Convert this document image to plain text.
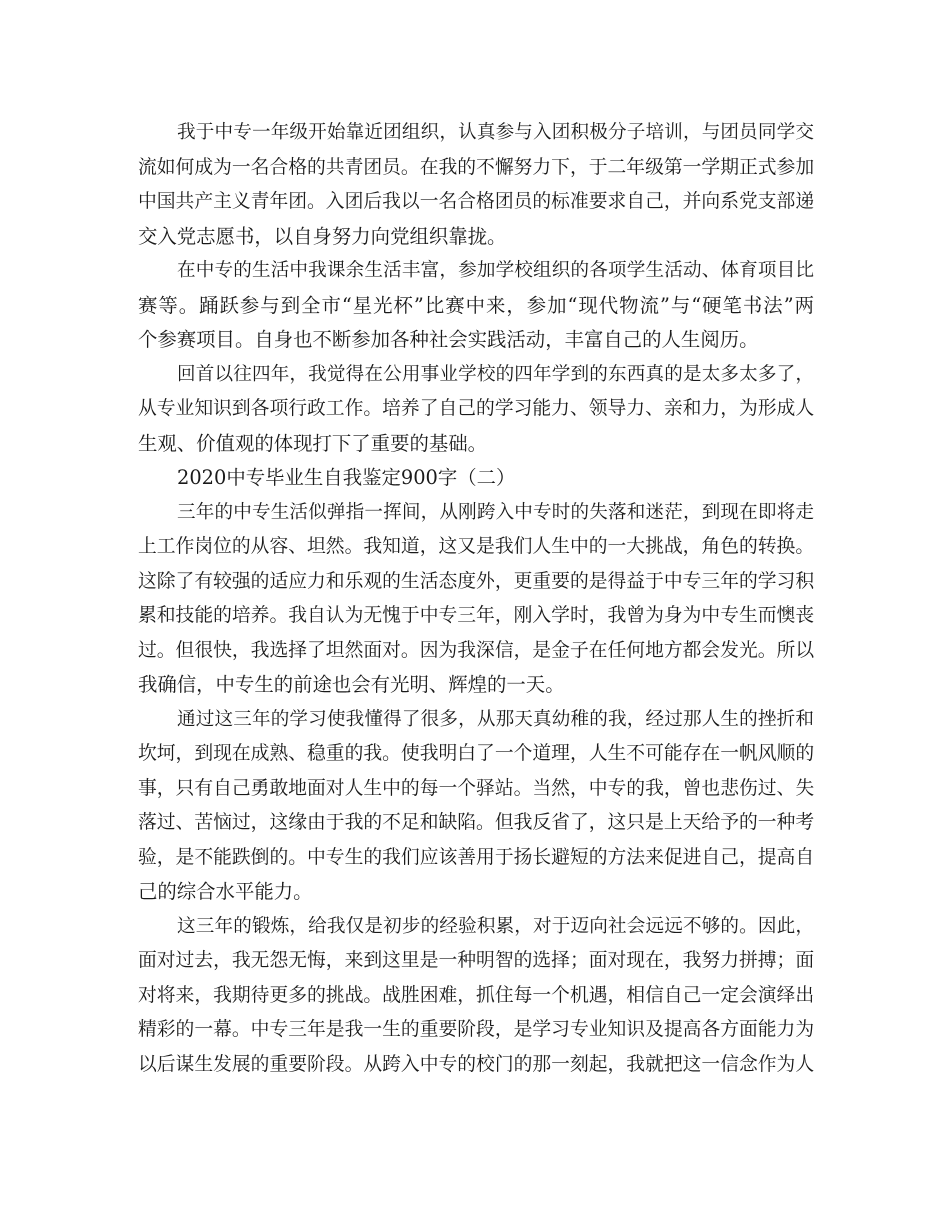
我于中专一年级开始靠近团组织，认真参与入团积极分子培训，与团员同学交
流如何成为一名合格的共青团员。在我的不懈努力下，于二年级第一学期正式参加
中国共产主义青年团。入团后我以一名合格团员的标准要求自己，并向系党支部递
交入党志愿书，以自身努力向党组织靠拢。
在中专的生活中我课余生活丰富，参加学校组织的各项学生活动、体育项目比
赛等。踊跃参与到全市“星光杯”比赛中来，参加“现代物流”与“硬笔书法”两
个参赛项目。自身也不断参加各种社会实践活动，丰富自己的人生阅历。
回首以往四年，我觉得在公用事业学校的四年学到的东西真的是太多太多了，
从专业知识到各项行政工作。培养了自己的学习能力、领导力、亲和力，为形成人
生观、价值观的体现打下了重要的基础。
2020中专毕业生自我鉴定900字（二）
三年的中专生活似弹指一挥间，从刚跨入中专时的失落和迷茫，到现在即将走
上工作岗位的从容、坦然。我知道，这又是我们人生中的一大挑战，角色的转换。
这除了有较强的适应力和乐观的生活态度外，更重要的是得益于中专三年的学习积
累和技能的培养。我自认为无愧于中专三年，刚入学时，我曾为身为中专生而懊丧
过。但很快，我选择了坦然面对。因为我深信，是金子在任何地方都会发光。所以
我确信，中专生的前途也会有光明、辉煌的一天。
通过这三年的学习使我懂得了很多，从那天真幼稚的我，经过那人生的挫折和
坎坷，到现在成熟、稳重的我。使我明白了一个道理，人生不可能存在一帆风顺的
事，只有自己勇敢地面对人生中的每一个驿站。当然，中专的我，曾也悲伤过、失
落过、苦恼过，这缘由于我的不足和缺陷。但我反省了，这只是上天给予的一种考
验，是不能跌倒的。中专生的我们应该善用于扬长避短的方法来促进自己，提高自
己的综合水平能力。
这三年的锻炼，给我仅是初步的经验积累，对于迈向社会远远不够的。因此，
面对过去，我无怨无悔，来到这里是一种明智的选择；面对现在，我努力拼搏；面
对将来，我期待更多的挑战。战胜困难，抓住每一个机遇，相信自己一定会演绎出
精彩的一幕。中专三年是我一生的重要阶段，是学习专业知识及提高各方面能力为
以后谋生发展的重要阶段。从跨入中专的校门的那一刻起，我就把这一信念作为人
